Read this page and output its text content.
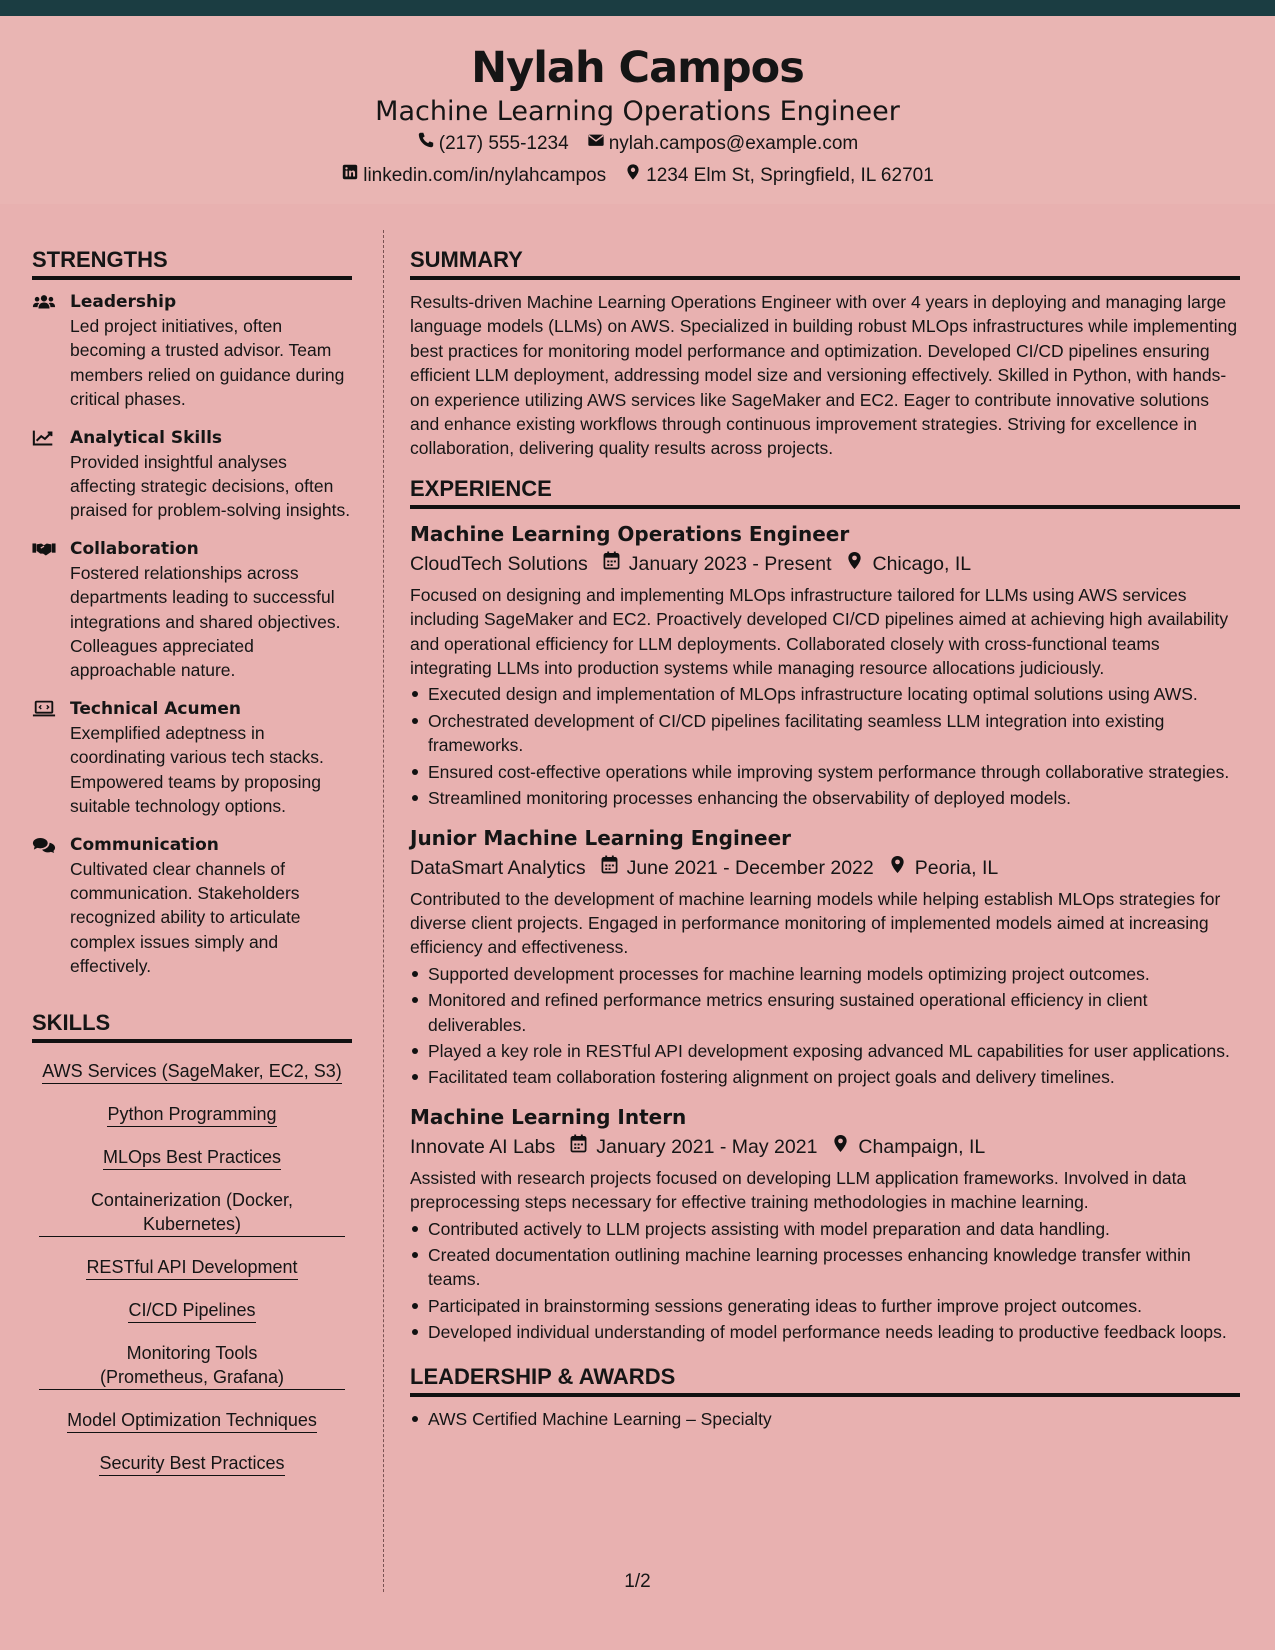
Nylah Campos
Machine Learning Operations Engineer
(217) 555-1234 nylah.campos@example.com
linkedin.com/in/nylahcampos 1234 Elm St, Springfield, IL 62701
STRENGTHS
Leadership
Led project initiatives, often becoming a trusted advisor. Team members relied on guidance during critical phases.
Analytical Skills
Provided insightful analyses affecting strategic decisions, often praised for problem-solving insights.
Collaboration
Fostered relationships across departments leading to successful integrations and shared objectives. Colleagues appreciated approachable nature.
Technical Acumen
Exemplified adeptness in coordinating various tech stacks. Empowered teams by proposing suitable technology options.
Communication
Cultivated clear channels of communication. Stakeholders recognized ability to articulate complex issues simply and effectively.
SKILLS
AWS Services (SageMaker, EC2, S3) Python Programming MLOps Best Practices
Containerization (Docker, Kubernetes)
RESTful API Development CI/CD Pipelines
Monitoring Tools (Prometheus, Grafana)
Model Optimization Techniques Security Best Practices
SUMMARY
Results-driven Machine Learning Operations Engineer with over 4 years in deploying and managing large language models (LLMs) on AWS. Specialized in building robust MLOps infrastructures while implementing best practices for monitoring model performance and optimization. Developed CI/CD pipelines ensuring efficient LLM deployment, addressing model size and versioning effectively. Skilled in Python, with hands-on experience utilizing AWS services like SageMaker and EC2. Eager to contribute innovative solutions and enhance existing workflows through continuous improvement strategies. Striving for excellence in collaboration, delivering quality results across projects.
EXPERIENCE
Machine Learning Operations Engineer
CloudTech Solutions January 2023 - Present Chicago, IL
Focused on designing and implementing MLOps infrastructure tailored for LLMs using AWS services including SageMaker and EC2. Proactively developed CI/CD pipelines aimed at achieving high availability and operational efficiency for LLM deployments. Collaborated closely with cross-functional teams integrating LLMs into production systems while managing resource allocations judiciously.
Executed design and implementation of MLOps infrastructure locating optimal solutions using AWS.
Orchestrated development of CI/CD pipelines facilitating seamless LLM integration into existing frameworks.
Ensured cost-effective operations while improving system performance through collaborative strategies.
Streamlined monitoring processes enhancing the observability of deployed models.
Junior Machine Learning Engineer
DataSmart Analytics June 2021 - December 2022 Peoria, IL
Contributed to the development of machine learning models while helping establish MLOps strategies for diverse client projects. Engaged in performance monitoring of implemented models aimed at increasing efficiency and effectiveness.
Supported development processes for machine learning models optimizing project outcomes.
Monitored and refined performance metrics ensuring sustained operational efficiency in client deliverables.
Played a key role in RESTful API development exposing advanced ML capabilities for user applications.
Facilitated team collaboration fostering alignment on project goals and delivery timelines.
Machine Learning Intern
Innovate AI Labs January 2021 - May 2021 Champaign, IL
Assisted with research projects focused on developing LLM application frameworks. Involved in data preprocessing steps necessary for effective training methodologies in machine learning.
Contributed actively to LLM projects assisting with model preparation and data handling.
Created documentation outlining machine learning processes enhancing knowledge transfer within teams.
Participated in brainstorming sessions generating ideas to further improve project outcomes.
Developed individual understanding of model performance needs leading to productive feedback loops.
LEADERSHIP & AWARDS
AWS Certified Machine Learning – Specialty
1/2
